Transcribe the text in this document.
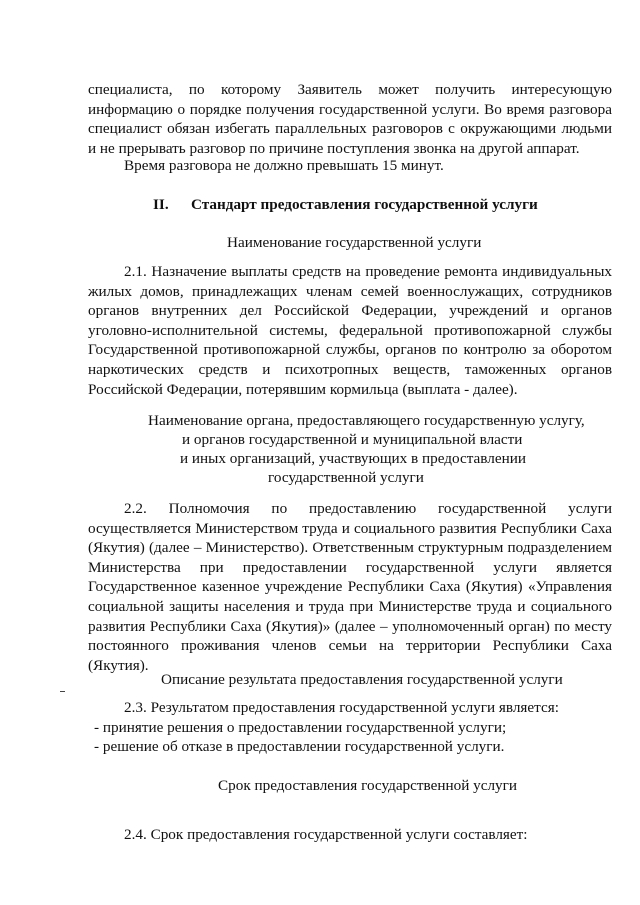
специалиста, по которому Заявитель может получить интересующую информацию о порядке получения государственной услуги. Во время разговора специалист обязан избегать параллельных разговоров с окружающими людьми и не прерывать разговор по причине поступления звонка на другой аппарат.

Время разговора не должно превышать 15 минут.

II. Стандарт предоставления государственной услуги

Наименование государственной услуги

2.1. Назначение выплаты средств на проведение ремонта индивидуальных жилых домов, принадлежащих членам семей военнослужащих, сотрудников органов внутренних дел Российской Федерации, учреждений и органов уголовно-исполнительной системы, федеральной противопожарной службы Государственной противопожарной службы, органов по контролю за оборотом наркотических средств и психотропных веществ, таможенных органов Российской Федерации, потерявшим кормильца (выплата - далее).

Наименование органа, предоставляющего государственную услугу,

и органов государственной и муниципальной власти

и иных организаций, участвующих в предоставлении

государственной услуги

2.2. Полномочия по предоставлению государственной услуги осуществляется Министерством труда и социального развития Республики Саха (Якутия) (далее – Министерство). Ответственным структурным подразделением Министерства при предоставлении государственной услуги является Государственное казенное учреждение Республики Саха (Якутия) «Управления социальной защиты населения и труда при Министерстве труда и социального развития Республики Саха (Якутия)» (далее – уполномоченный орган) по месту постоянного проживания членов семьи на территории Республики Саха (Якутия).

Описание результата предоставления государственной услуги

2.3. Результатом предоставления государственной услуги является:

- принятие решения о предоставлении государственной услуги;

- решение об отказе в предоставлении государственной услуги.

Срок предоставления государственной услуги

2.4. Срок предоставления государственной услуги составляет:
